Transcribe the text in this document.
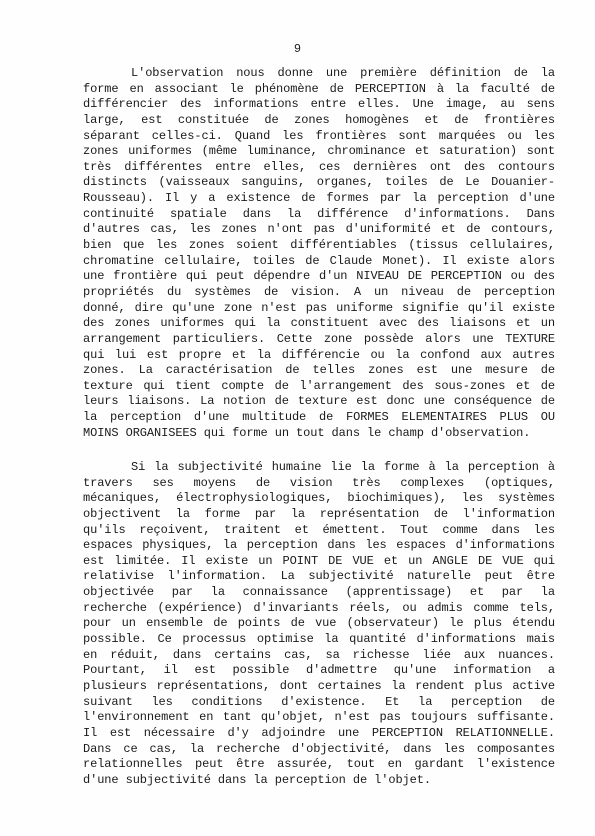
9
L'observation nous donne une première définition de la
forme en associant le phénomène de PERCEPTION à la faculté de
différencier des informations entre elles. Une image, au sens
large, est constituée de zones homogènes et de frontières
séparant celles-ci. Quand les frontières sont marquées ou les
zones uniformes (même luminance, chrominance et saturation) sont
très différentes entre elles, ces dernières ont des contours
distincts (vaisseaux sanguins, organes, toiles de Le Douanier-
Rousseau). Il y a existence de formes par la perception d'une
continuité spatiale dans la différence d'informations. Dans
d'autres cas, les zones n'ont pas d'uniformité et de contours,
bien que les zones soient différentiables (tissus cellulaires,
chromatine cellulaire, toiles de Claude Monet). Il existe alors
une frontière qui peut dépendre d'un NIVEAU DE PERCEPTION ou des
propriétés du systèmes de vision. A un niveau de perception
donné, dire qu'une zone n'est pas uniforme signifie qu'il existe
des zones uniformes qui la constituent avec des liaisons et un
arrangement particuliers. Cette zone possède alors une TEXTURE
qui lui est propre et la différencie ou la confond aux autres
zones. La caractérisation de telles zones est une mesure de
texture qui tient compte de l'arrangement des sous-zones et de
leurs liaisons. La notion de texture est donc une conséquence de
la perception d'une multitude de FORMES ELEMENTAIRES PLUS OU
MOINS ORGANISEES qui forme un tout dans le champ d'observation.
Si la subjectivité humaine lie la forme à la perception à
travers ses moyens de vision très complexes (optiques,
mécaniques, électrophysiologiques, biochimiques), les systèmes
objectivent la forme par la représentation de l'information
qu'ils reçoivent, traitent et émettent. Tout comme dans les
espaces physiques, la perception dans les espaces d'informations
est limitée. Il existe un POINT DE VUE et un ANGLE DE VUE qui
relativise l'information. La subjectivité naturelle peut être
objectivée par la connaissance (apprentissage) et par la
recherche (expérience) d'invariants réels, ou admis comme tels,
pour un ensemble de points de vue (observateur) le plus étendu
possible. Ce processus optimise la quantité d'informations mais
en réduit, dans certains cas, sa richesse liée aux nuances.
Pourtant, il est possible d'admettre qu'une information a
plusieurs représentations, dont certaines la rendent plus active
suivant les conditions d'existence. Et la perception de
l'environnement en tant qu'objet, n'est pas toujours suffisante.
Il est nécessaire d'y adjoindre une PERCEPTION RELATIONNELLE.
Dans ce cas, la recherche d'objectivité, dans les composantes
relationnelles peut être assurée, tout en gardant l'existence
d'une subjectivité dans la perception de l'objet.
